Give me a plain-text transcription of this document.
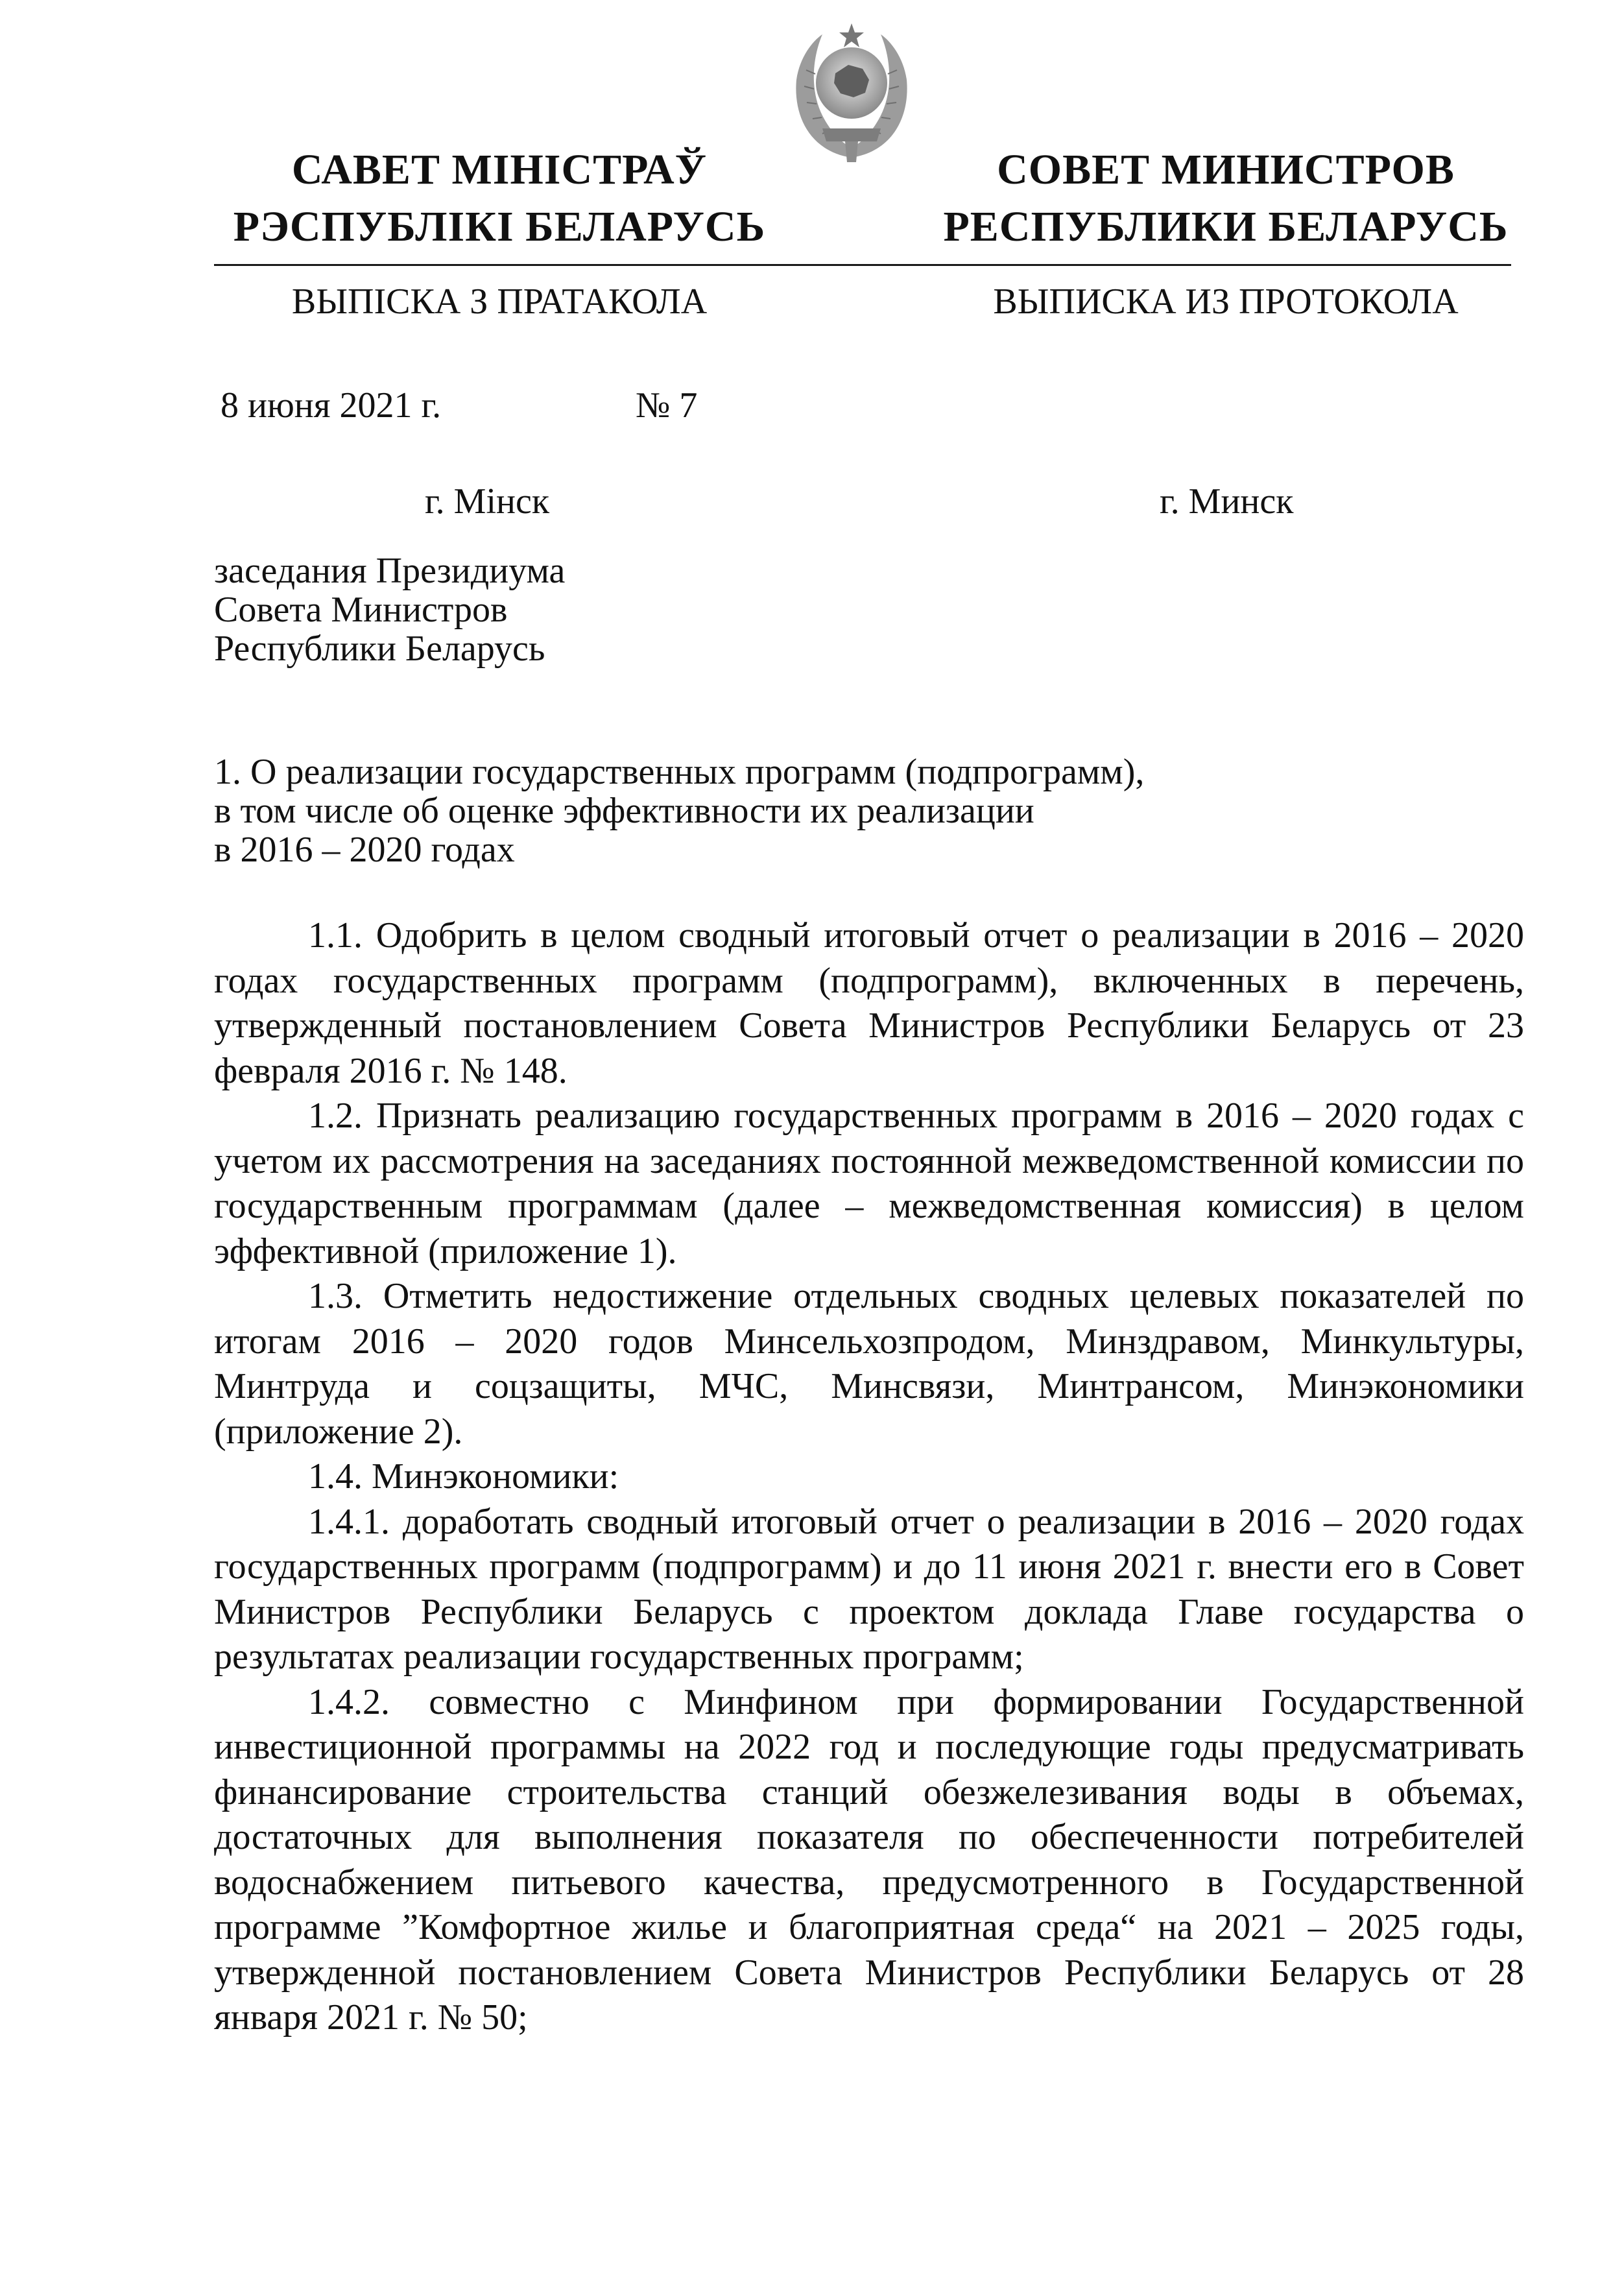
САВЕТ МІНІСТРАЎ
РЭСПУБЛІКІ БЕЛАРУСЬ
СОВЕТ МИНИСТРОВ
РЕСПУБЛИКИ БЕЛАРУСЬ
ВЫПІСКА З ПРАТАКОЛА	ВЫПИСКА ИЗ ПРОТОКОЛА
8 июня 2021 г.	№ 7
г. Мінск	г. Минск
заседания Президиума
Совета Министров
Республики Беларусь
1. О реализации государственных программ (подпрограмм),
в том числе об оценке эффективности их реализации
в 2016 – 2020 годах

1.1. Одобрить в целом сводный итоговый отчет о реализации в 2016 – 2020 годах государственных программ (подпрограмм), включенных в перечень, утвержденный постановлением Совета Министров Республики Беларусь от 23 февраля 2016 г. № 148.

1.2. Признать реализацию государственных программ в 2016 – 2020 годах с учетом их рассмотрения на заседаниях постоянной межведомственной комиссии по государственным программам (далее – межведомственная комиссия) в целом эффективной (приложение 1).

1.3. Отметить недостижение отдельных сводных целевых показателей по итогам 2016 – 2020 годов Минсельхозпродом, Минздравом, Минкультуры, Минтруда и соцзащиты, МЧС, Минсвязи, Минтрансом, Минэкономики (приложение 2).

1.4. Минэкономики:

1.4.1. доработать сводный итоговый отчет о реализации в 2016 – 2020 годах государственных программ (подпрограмм) и до 11 июня 2021 г. внести его в Совет Министров Республики Беларусь с проектом доклада Главе государства о результатах реализации государственных программ;

1.4.2. совместно с Минфином при формировании Государственной инвестиционной программы на 2022 год и последующие годы предусматривать финансирование строительства станций обезжелезивания воды в объемах, достаточных для выполнения показателя по обеспеченности потребителей водоснабжением питьевого качества, предусмотренного в Государственной программе ”Комфортное жилье и благоприятная среда“ на 2021 – 2025 годы, утвержденной постановлением Совета Министров Республики Беларусь от 28 января 2021 г. № 50;
